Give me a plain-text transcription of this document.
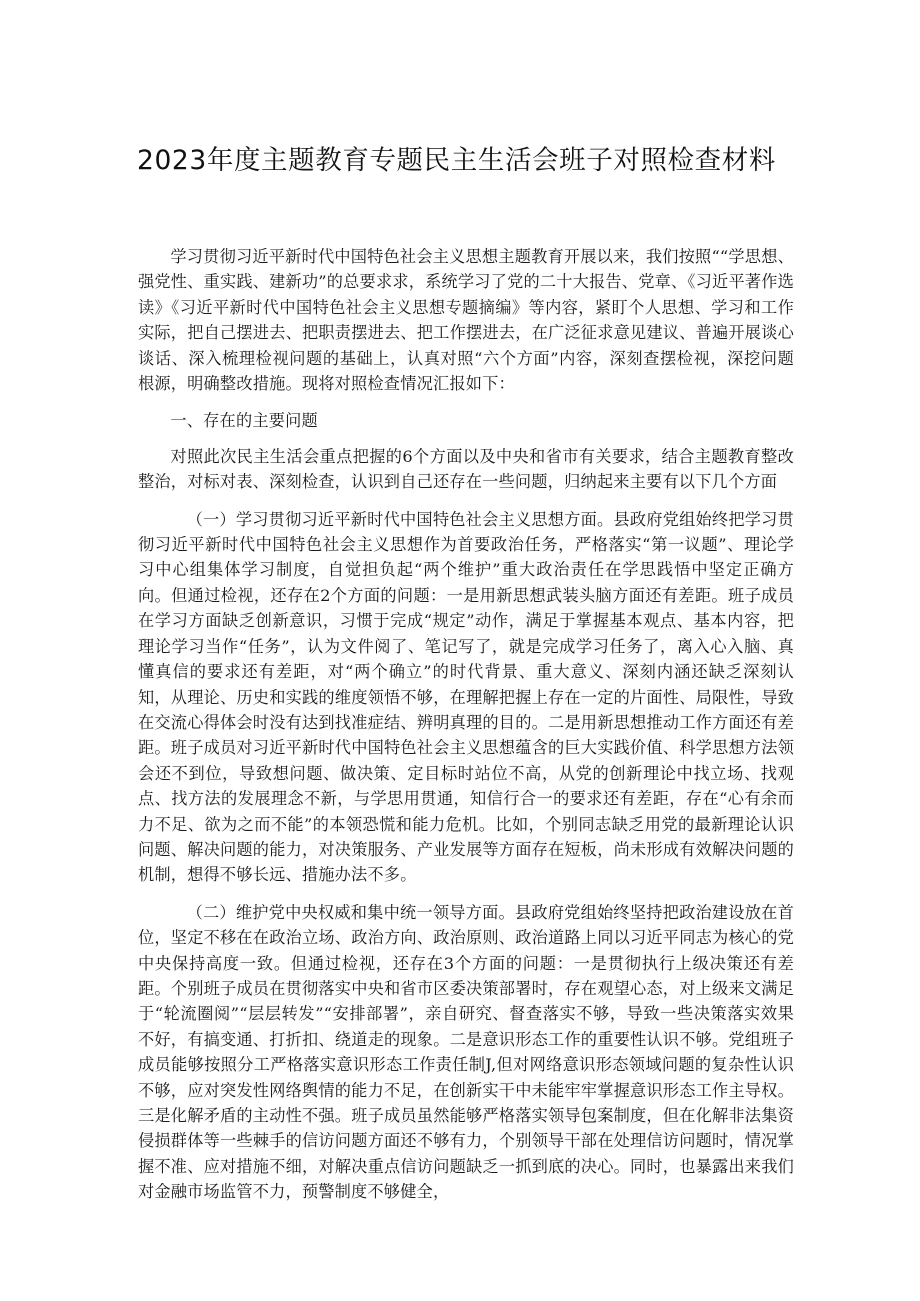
2023年度主题教育专题民主生活会班子对照检查材料

学习贯彻习近平新时代中国特色社会主义思想主题教育开展以来，我们按照““学思想、强党性、重实践、建新功”的总要求求，系统学习了党的二十大报告、党章、《习近平著作选读》《习近平新时代中国特色社会主义思想专题摘编》等内容，紧盯个人思想、学习和工作实际，把自己摆进去、把职责摆进去、把工作摆进去，在广泛征求意见建议、普遍开展谈心谈话、深入梳理检视问题的基础上，认真对照“六个方面”内容，深刻查摆检视，深挖问题根源，明确整改措施。现将对照检查情况汇报如下：

一、存在的主要问题

对照此次民主生活会重点把握的6个方面以及中央和省市有关要求，结合主题教育整改整治，对标对表、深刻检查，认识到自己还存在一些问题，归纳起来主要有以下几个方面

（一）学习贯彻习近平新时代中国特色社会主义思想方面。县政府党组始终把学习贯彻习近平新时代中国特色社会主义思想作为首要政治任务，严格落实“第一议题”、理论学习中心组集体学习制度，自觉担负起“两个维护”重大政治责任在学思践悟中坚定正确方向。但通过检视，还存在2个方面的问题：一是用新思想武装头脑方面还有差距。班子成员在学习方面缺乏创新意识，习惯于完成“规定”动作，满足于掌握基本观点、基本内容，把理论学习当作“任务”，认为文件阅了、笔记写了，就是完成学习任务了，离入心入脑、真懂真信的要求还有差距，对“两个确立”的时代背景、重大意义、深刻内涵还缺乏深刻认知，从理论、历史和实践的维度领悟不够，在理解把握上存在一定的片面性、局限性，导致在交流心得体会时没有达到找准症结、辨明真理的目的。二是用新思想推动工作方面还有差距。班子成员对习近平新时代中国特色社会主义思想蕴含的巨大实践价值、科学思想方法领会还不到位，导致想问题、做决策、定目标时站位不高，从党的创新理论中找立场、找观点、找方法的发展理念不新，与学思用贯通，知信行合一的要求还有差距，存在“心有余而力不足、欲为之而不能”的本领恐慌和能力危机。比如，个别同志缺乏用党的最新理论认识问题、解决问题的能力，对决策服务、产业发展等方面存在短板，尚未形成有效解决问题的机制，想得不够长远、措施办法不多。

（二）维护党中央权威和集中统一领导方面。县政府党组始终坚持把政治建设放在首位，坚定不移在在政治立场、政治方向、政治原则、政治道路上同以习近平同志为核心的党中央保持高度一致。但通过检视，还存在3个方面的问题：一是贯彻执行上级决策还有差距。个别班子成员在贯彻落实中央和省市区委决策部署时，存在观望心态，对上级来文满足于“轮流圈阅”“层层转发”“安排部署”，亲自研究、督查落实不够，导致一些决策落实效果不好，有搞变通、打折扣、绕道走的现象。二是意识形态工作的重要性认识不够。党组班子成员能够按照分工严格落实意识形态工作责任制J,但对网络意识形态领域问题的复杂性认识不够，应对突发性网络舆情的能力不足，在创新实干中未能牢牢掌握意识形态工作主导权。三是化解矛盾的主动性不强。班子成员虽然能够严格落实领导包案制度，但在化解非法集资侵损群体等一些棘手的信访问题方面还不够有力，个别领导干部在处理信访问题时，情况掌握不准、应对措施不细，对解决重点信访问题缺乏一抓到底的决心。同时，也暴露出来我们对金融市场监管不力，预警制度不够健全，
